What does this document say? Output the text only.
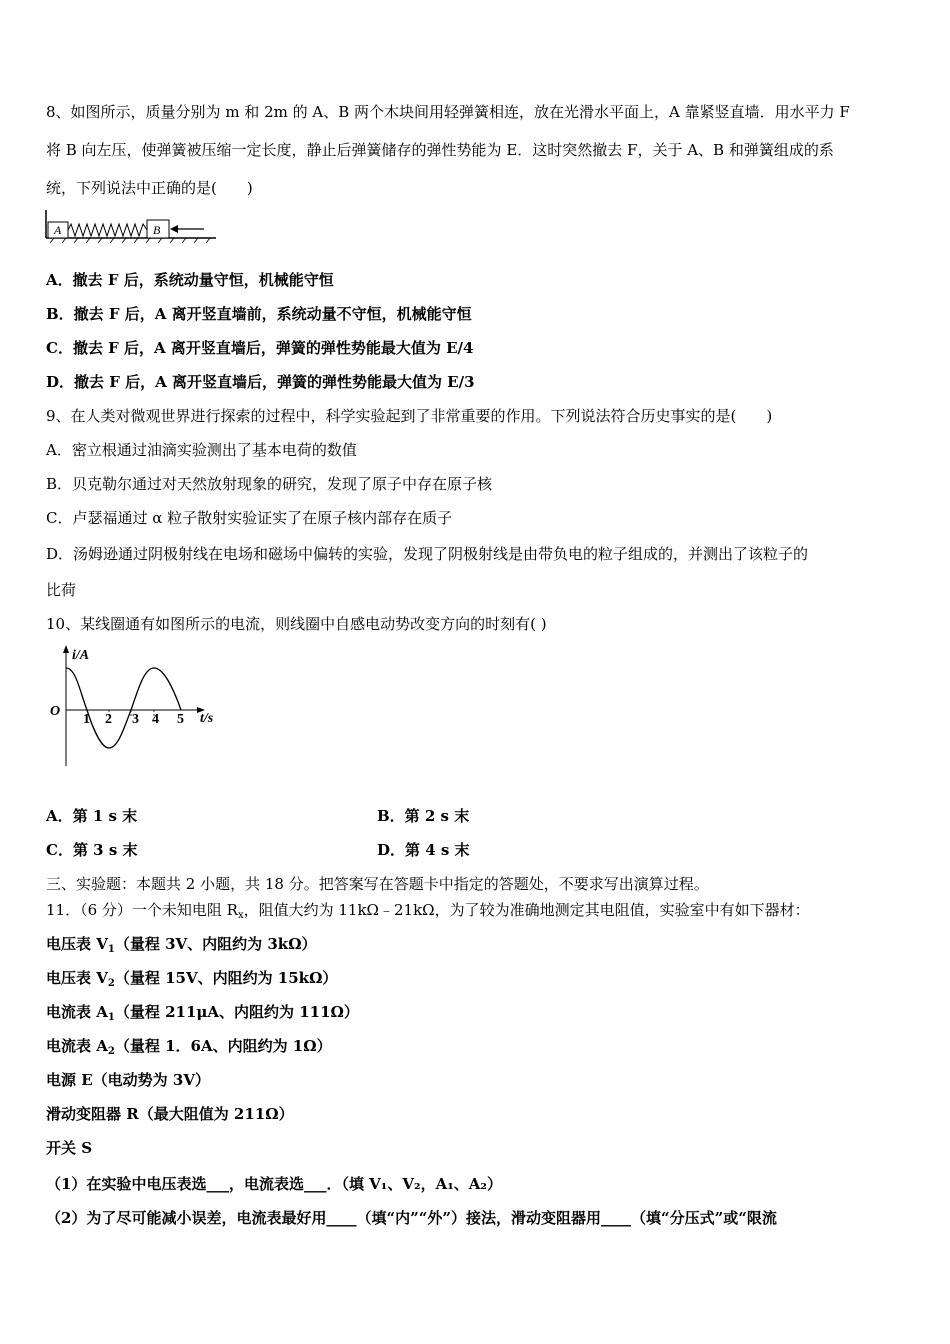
8、如图所示，质量分别为 m 和 2m 的 A、B 两个木块间用轻弹簧相连，放在光滑水平面上，A 靠紧竖直墙．用水平力 F
将 B 向左压，使弹簧被压缩一定长度，静止后弹簧储存的弹性势能为 E．这时突然撤去 F，关于 A、B 和弹簧组成的系
统，下列说法中正确的是(　　)
A	B
A．撤去 F 后，系统动量守恒，机械能守恒
B．撤去 F 后，A 离开竖直墙前，系统动量不守恒，机械能守恒
C．撤去 F 后，A 离开竖直墙后，弹簧的弹性势能最大值为 E/4
D．撤去 F 后，A 离开竖直墙后，弹簧的弹性势能最大值为 E/3
9、在人类对微观世界进行探索的过程中，科学实验起到了非常重要的作用。下列说法符合历史事实的是(　　)
A．密立根通过油滴实验测出了基本电荷的数值
B．贝克勒尔通过对天然放射现象的研究，发现了原子中存在原子核
C．卢瑟福通过 α 粒子散射实验证实了在原子核内部存在质子
D．汤姆逊通过阴极射线在电场和磁场中偏转的实验，发现了阴极射线是由带负电的粒子组成的，并测出了该粒子的
比荷
10、某线圈通有如图所示的电流，则线圈中自感电动势改变方向的时刻有( )
i/A
t/s
O
1 2 3 4 5
A．第 1 s 末	B．第 2 s 末
C．第 3 s 末	D．第 4 s 末
三、实验题：本题共 2 小题，共 18 分。把答案写在答题卡中指定的答题处，不要求写出演算过程。
11．（6 分）一个未知电阻 $R_x$，阻值大约为 11kΩ﹣21kΩ，为了较为准确地测定其电阻值，实验室中有如下器材：
电压表 $V_1$（量程 3V、内阻约为 3kΩ）
电压表 $V_2$（量程 15V、内阻约为 15kΩ）
电流表 $A_1$（量程 211μA、内阻约为 111Ω）
电流表 $A_2$（量程 1．6A、内阻约为 1Ω）
电源 E（电动势为 3V）
滑动变阻器 R（最大阻值为 211Ω）
开关 S
（1）在实验中电压表选___，电流表选___．（填 V₁、V₂，A₁、A₂）
（2）为了尽可能减小误差，电流表最好用____（填“内”“外”）接法，滑动变阻器用____（填“分压式”或“限流
